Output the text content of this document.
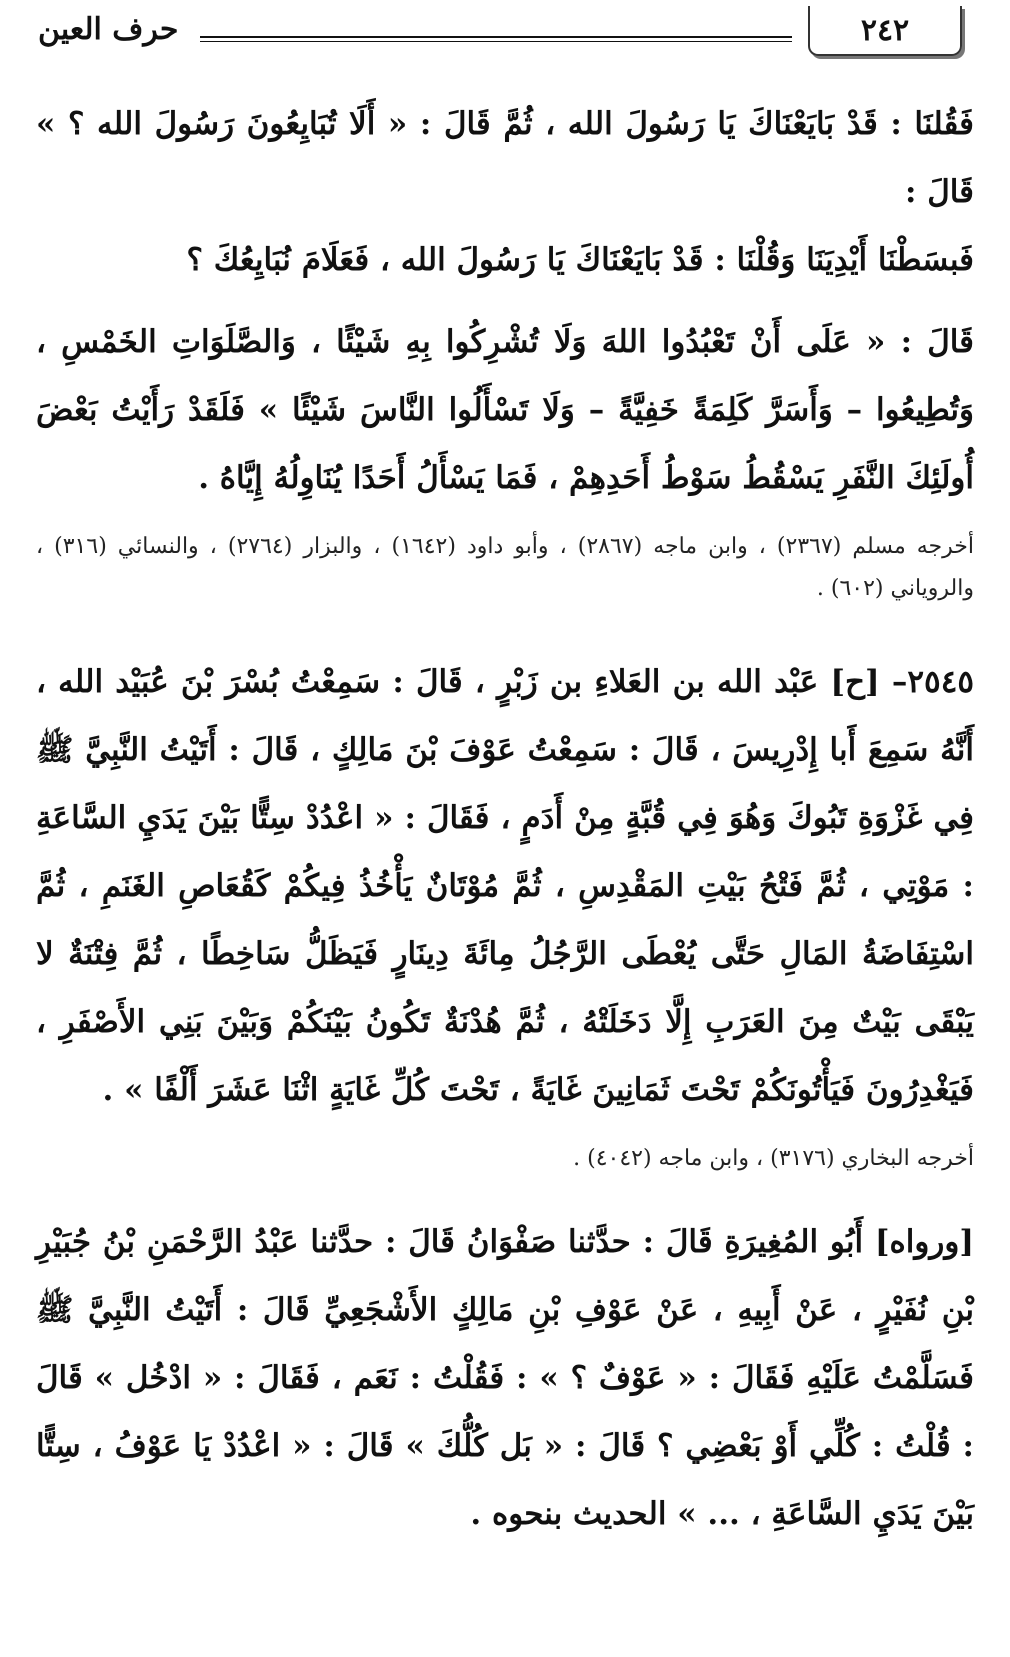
٢٤٢
حرف العين

فَقُلنَا : قَدْ بَايَعْنَاكَ يَا رَسُولَ الله ، ثُمَّ قَالَ : « أَلَا تُبَايِعُونَ رَسُولَ الله ؟ » قَالَ :

فَبسَطْنَا أَيْدِيَنَا وَقُلْنَا : قَدْ بَايَعْنَاكَ يَا رَسُولَ الله ، فَعَلَامَ نُبَايِعُكَ ؟

قَالَ : « عَلَى أَنْ تَعْبُدُوا اللهَ وَلَا تُشْرِكُوا بِهِ شَيْئًا ، وَالصَّلَوَاتِ الخَمْسِ ، وَتُطِيعُوا – وَأَسَرَّ كَلِمَةً خَفِيَّةً – وَلَا تَسْأَلُوا النَّاسَ شَيْئًا » فَلَقَدْ رَأَيْتُ بَعْضَ أُولَئِكَ النَّفَرِ يَسْقُطُ سَوْطُ أَحَدِهِمْ ، فَمَا يَسْأَلُ أَحَدًا يُنَاوِلُهُ إِيَّاهُ .

أخرجه مسلم (٢٣٦٧) ، وابن ماجه (٢٨٦٧) ، وأبو داود (١٦٤٢) ، والبزار (٢٧٦٤) ، والنسائي (٣١٦) ، والروياني (٦٠٢) .

٢٥٤٥– [ح] عَبْد الله بن العَلاءِ بن زَبْرٍ ، قَالَ : سَمِعْتُ بُسْرَ بْنَ عُبَيْد الله ، أَنَّهُ سَمِعَ أَبا إِدْرِيسَ ، قَالَ : سَمِعْتُ عَوْفَ بْنَ مَالِكٍ ، قَالَ : أَتَيْتُ النَّبِيَّ ﷺ فِي غَزْوَةِ تَبُوكَ وَهُوَ فِي قُبَّةٍ مِنْ أَدَمٍ ، فَقَالَ : « اعْدُدْ سِتًّا بَيْنَ يَدَيِ السَّاعَةِ : مَوْتِي ، ثُمَّ فَتْحُ بَيْتِ المَقْدِسِ ، ثُمَّ مُوْتَانٌ يَأْخُذُ فِيكُمْ كَقُعَاصِ الغَنَمِ ، ثُمَّ اسْتِفَاضَةُ المَالِ حَتَّى يُعْطَى الرَّجُلُ مِائَةَ دِينَارٍ فَيَظَلُّ سَاخِطًا ، ثُمَّ فِتْنَةٌ لا يَبْقَى بَيْتٌ مِنَ العَرَبِ إِلَّا دَخَلَتْهُ ، ثُمَّ هُدْنَةٌ تَكُونُ بَيْنَكُمْ وَبَيْنَ بَنِي الأَصْفَرِ ، فَيَغْدِرُونَ فَيَأْتُونَكُمْ تَحْتَ ثَمَانِينَ غَايَةً ، تَحْتَ كُلِّ غَايَةٍ اثْنَا عَشَرَ أَلْفًا » .

أخرجه البخاري (٣١٧٦) ، وابن ماجه (٤٠٤٢) .

[ورواه] أَبُو المُغِيرَةِ قَالَ : حدَّثنا صَفْوَانُ قَالَ : حدَّثنا عَبْدُ الرَّحْمَنِ بْنُ جُبَيْرِ بْنِ نُفَيْرٍ ، عَنْ أَبِيهِ ، عَنْ عَوْفِ بْنِ مَالِكٍ الأَشْجَعِيِّ قَالَ : أَتَيْتُ النَّبِيَّ ﷺ فَسَلَّمْتُ عَلَيْهِ فَقَالَ : « عَوْفٌ ؟ » : فَقُلْتُ : نَعَم ، فَقَالَ : « ادْخُل » قَالَ : قُلْتُ : كُلِّي أَوْ بَعْضِي ؟ قَالَ : « بَل كُلُّكَ » قَالَ : « اعْدُدْ يَا عَوْفُ ، سِتًّا بَيْنَ يَدَيِ السَّاعَةِ ، ... » الحديث بنحوه .
